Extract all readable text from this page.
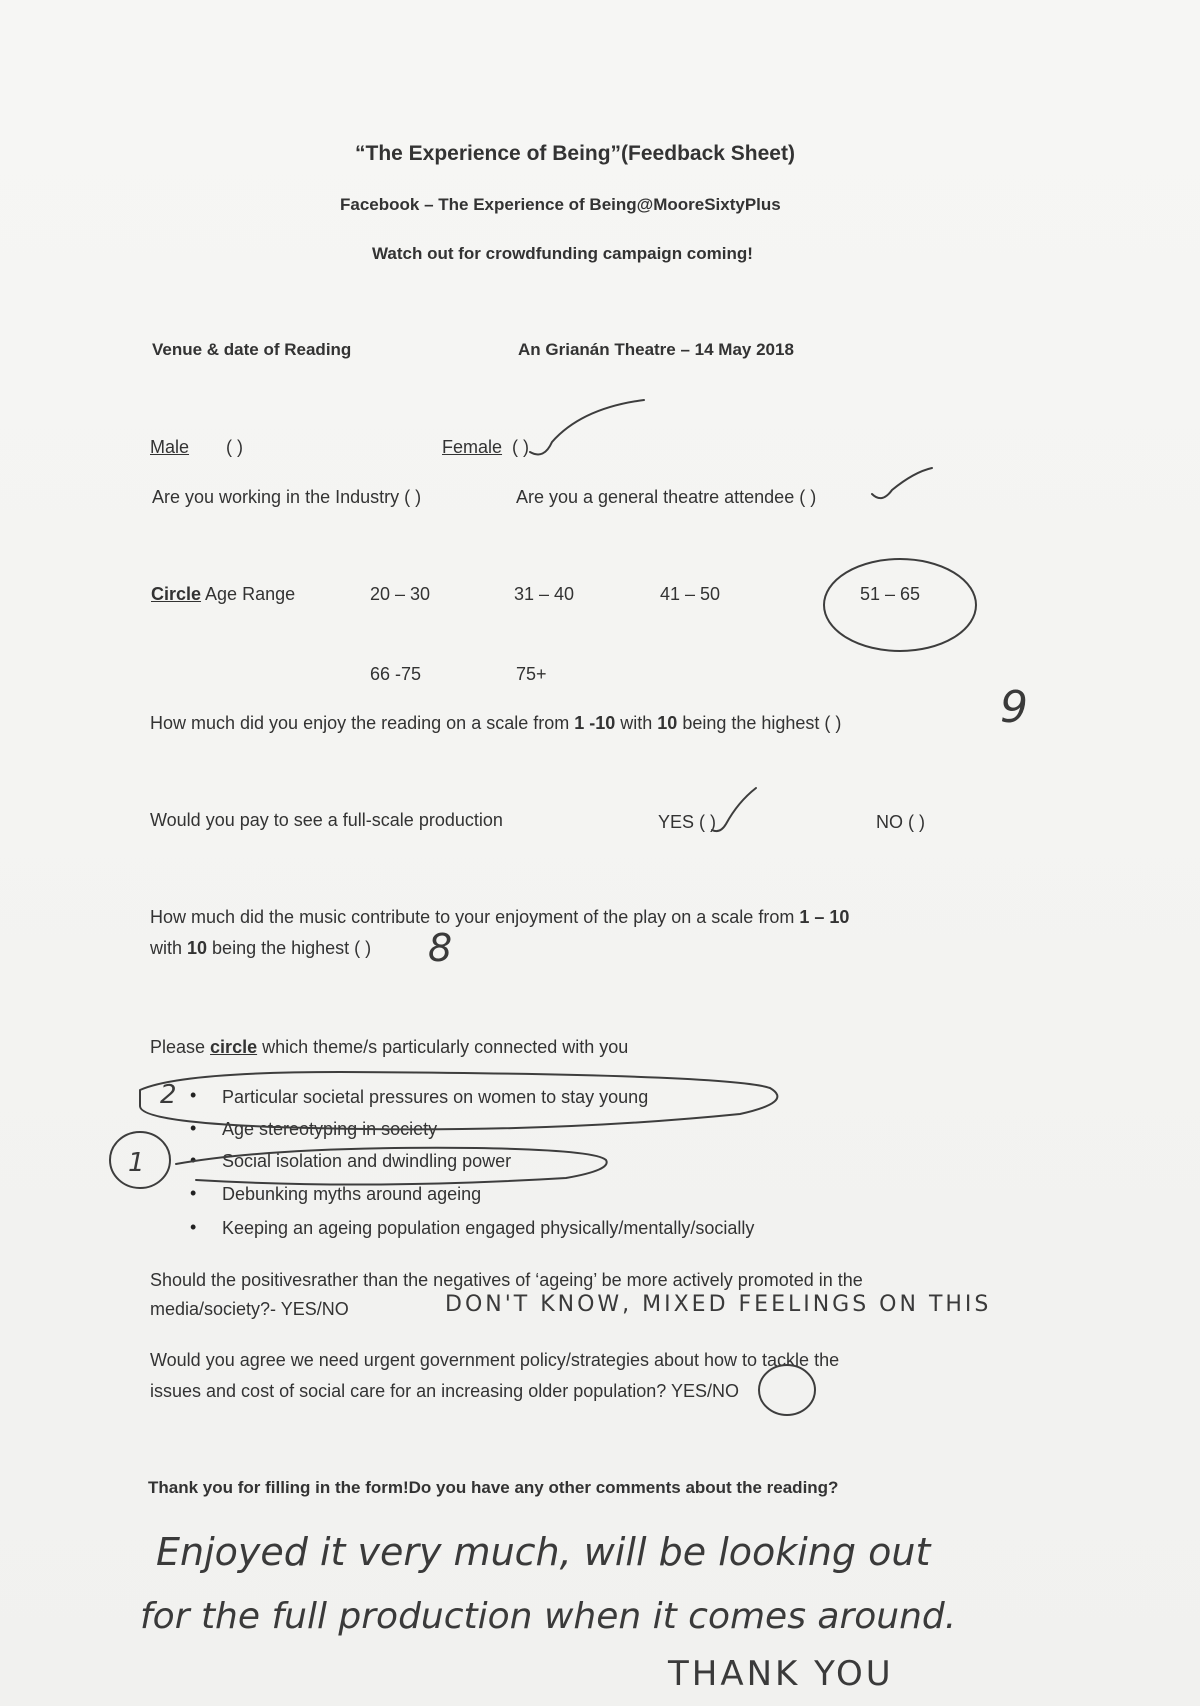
“The Experience of Being”(Feedback Sheet)
Facebook – The Experience of Being@MooreSixtyPlus
Watch out for crowdfunding campaign coming!
Venue & date of Reading	An Grianán Theatre – 14 May 2018
Male ( )	Female ( )
Are you working in the Industry ( )	Are you a general theatre attendee ( )
Circle Age Range	20 – 30	31 – 40	41 – 50	51 – 65
66 -75	75+
How much did you enjoy the reading on a scale from 1 -10 with 10 being the highest ( )	9
Would you pay to see a full-scale production	YES ( )	NO ( )
How much did the music contribute to your enjoyment of the play on a scale from 1 – 10
with 10 being the highest ( ) 8
Please circle which theme/s particularly connected with you
• Particular societal pressures on women to stay young
• Age stereotyping in society
• Social isolation and dwindling power
• Debunking myths around ageing
• Keeping an ageing population engaged physically/mentally/socially
2
1
Should the positivesrather than the negatives of ‘ageing’ be more actively promoted in the
media/society?- YES/NO	DON'T KNOW, MIXED FEELINGS ON THIS
Would you agree we need urgent government policy/strategies about how to tackle the
issues and cost of social care for an increasing older population? YES/NO
Thank you for filling in the form!Do you have any other comments about the reading?
Enjoyed it very much, will be looking out
for the full production when it comes around.
THANK YOU
